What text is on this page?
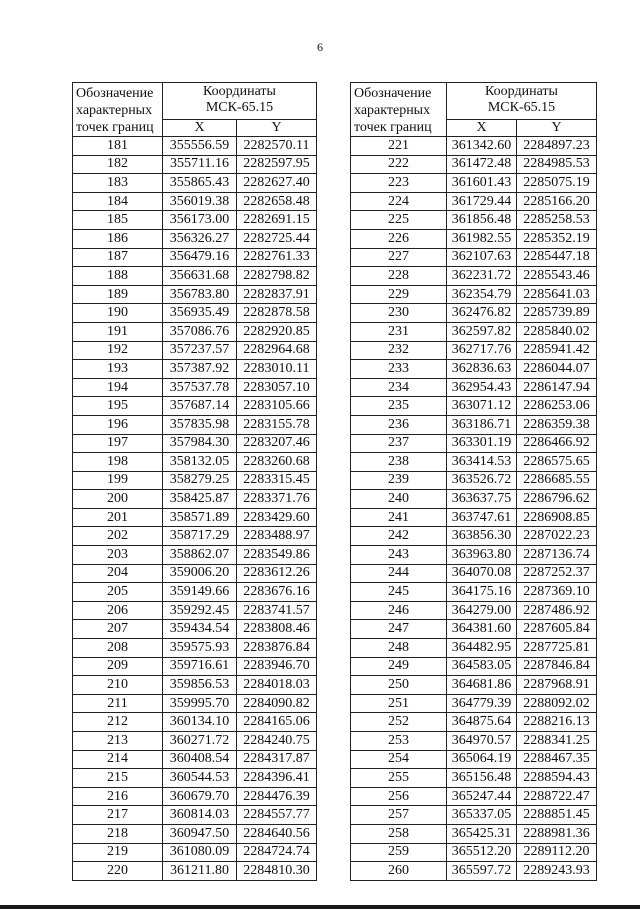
6
Обозначение характерных точек границ	Координаты
МСК-65.15	
	X	Y
181	355556.59	2282570.11
182	355711.16	2282597.95
183	355865.43	2282627.40
184	356019.38	2282658.48
185	356173.00	2282691.15
186	356326.27	2282725.44
187	356479.16	2282761.33
188	356631.68	2282798.82
189	356783.80	2282837.91
190	356935.49	2282878.58
191	357086.76	2282920.85
192	357237.57	2282964.68
193	357387.92	2283010.11
194	357537.78	2283057.10
195	357687.14	2283105.66
196	357835.98	2283155.78
197	357984.30	2283207.46
198	358132.05	2283260.68
199	358279.25	2283315.45
200	358425.87	2283371.76
201	358571.89	2283429.60
202	358717.29	2283488.97
203	358862.07	2283549.86
204	359006.20	2283612.26
205	359149.66	2283676.16
206	359292.45	2283741.57
207	359434.54	2283808.46
208	359575.93	2283876.84
209	359716.61	2283946.70
210	359856.53	2284018.03
211	359995.70	2284090.82
212	360134.10	2284165.06
213	360271.72	2284240.75
214	360408.54	2284317.87
215	360544.53	2284396.41
216	360679.70	2284476.39
217	360814.03	2284557.77
218	360947.50	2284640.56
219	361080.09	2284724.74
220	361211.80	2284810.30
Обозначение характерных точек границ	Координаты
МСК-65.15	
	X	Y
221	361342.60	2284897.23
222	361472.48	2284985.53
223	361601.43	2285075.19
224	361729.44	2285166.20
225	361856.48	2285258.53
226	361982.55	2285352.19
227	362107.63	2285447.18
228	362231.72	2285543.46
229	362354.79	2285641.03
230	362476.82	2285739.89
231	362597.82	2285840.02
232	362717.76	2285941.42
233	362836.63	2286044.07
234	362954.43	2286147.94
235	363071.12	2286253.06
236	363186.71	2286359.38
237	363301.19	2286466.92
238	363414.53	2286575.65
239	363526.72	2286685.55
240	363637.75	2286796.62
241	363747.61	2286908.85
242	363856.30	2287022.23
243	363963.80	2287136.74
244	364070.08	2287252.37
245	364175.16	2287369.10
246	364279.00	2287486.92
247	364381.60	2287605.84
248	364482.95	2287725.81
249	364583.05	2287846.84
250	364681.86	2287968.91
251	364779.39	2288092.02
252	364875.64	2288216.13
253	364970.57	2288341.25
254	365064.19	2288467.35
255	365156.48	2288594.43
256	365247.44	2288722.47
257	365337.05	2288851.45
258	365425.31	2288981.36
259	365512.20	2289112.20
260	365597.72	2289243.93
